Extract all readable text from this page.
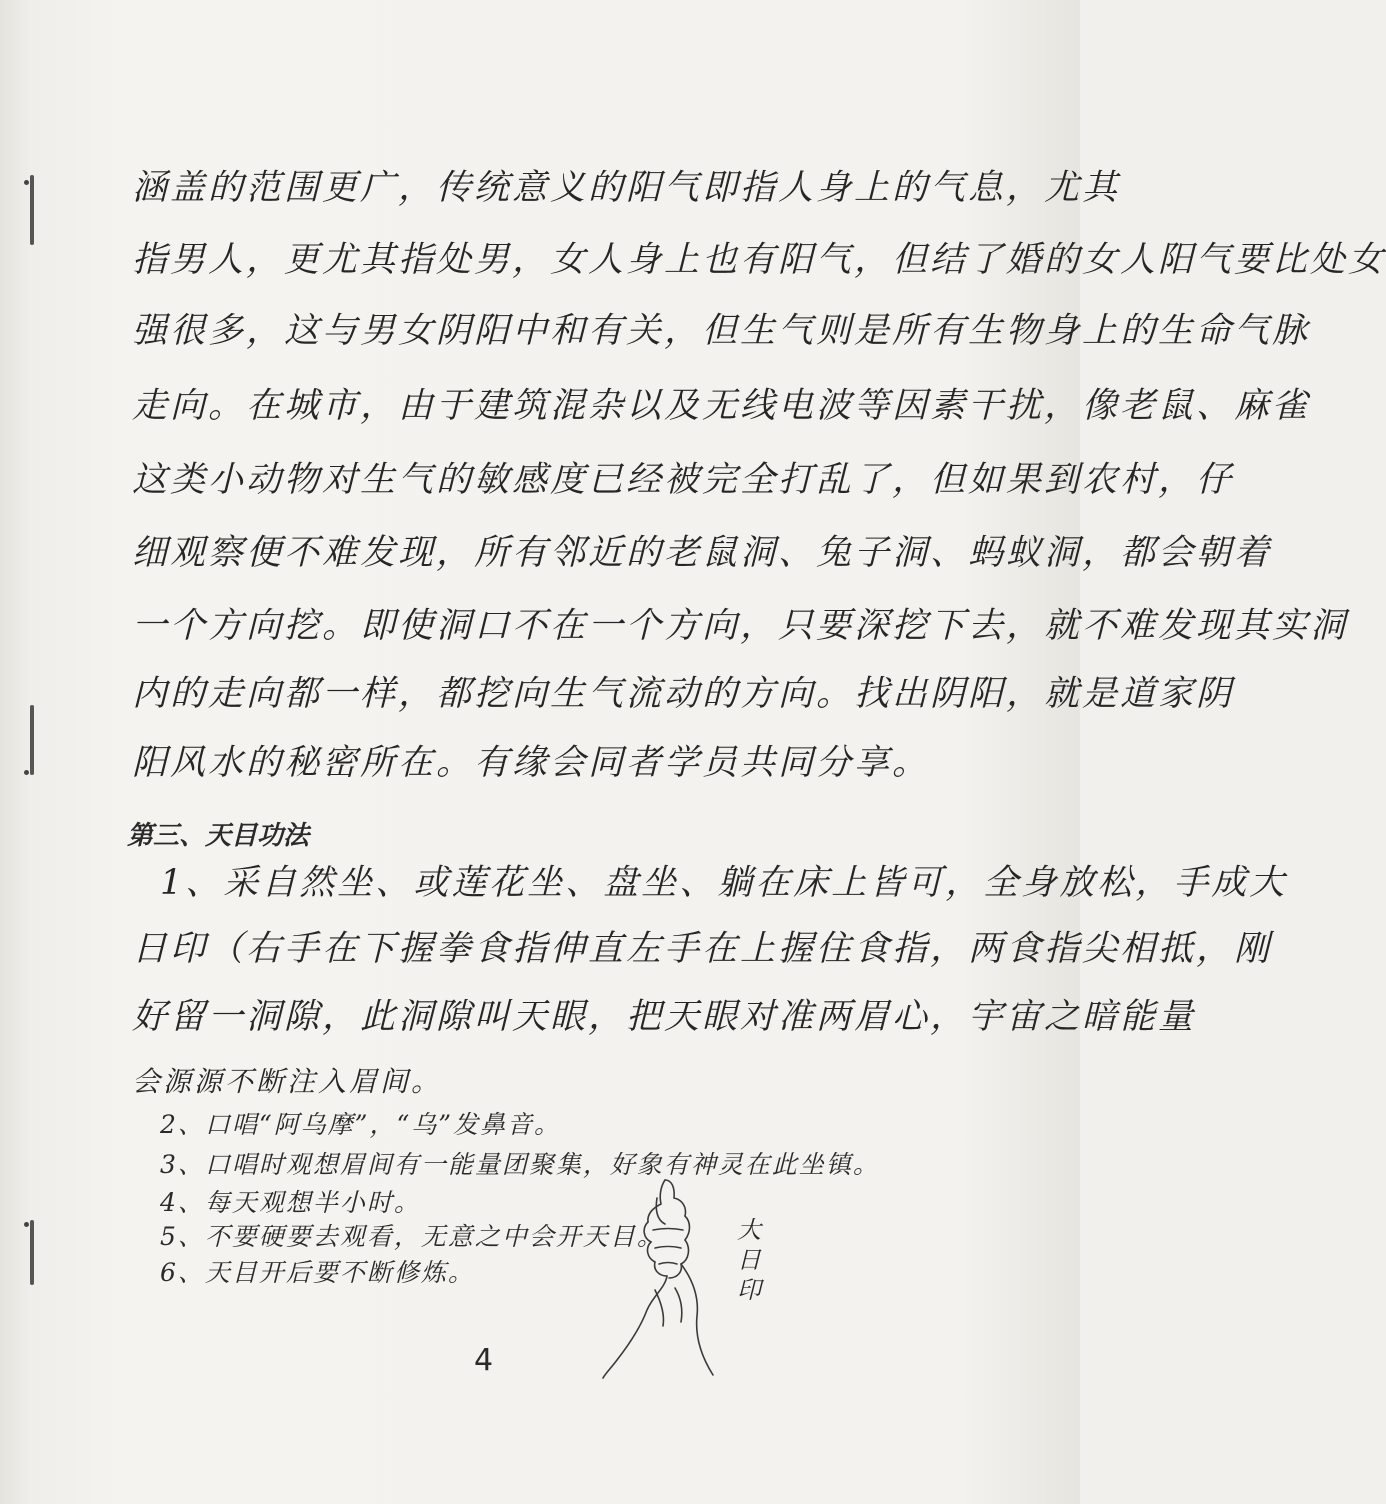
涵盖的范围更广，传统意义的阳气即指人身上的气息，尤其
指男人，更尤其指处男，女人身上也有阳气，但结了婚的女人阳气要比处女
强很多，这与男女阴阳中和有关，但生气则是所有生物身上的生命气脉
走向。在城市，由于建筑混杂以及无线电波等因素干扰，像老鼠、麻雀
这类小动物对生气的敏感度已经被完全打乱了，但如果到农村，仔
细观察便不难发现，所有邻近的老鼠洞、兔子洞、蚂蚁洞，都会朝着
一个方向挖。即使洞口不在一个方向，只要深挖下去，就不难发现其实洞
内的走向都一样，都挖向生气流动的方向。找出阴阳，就是道家阴
阳风水的秘密所在。有缘会同者学员共同分享。
第三、天目功法
1、采自然坐、或莲花坐、盘坐、躺在床上皆可，全身放松，手成大
日印（右手在下握拳食指伸直左手在上握住食指，两食指尖相抵，刚
好留一洞隙，此洞隙叫天眼，把天眼对准两眉心，宇宙之暗能量
会源源不断注入眉间。
2、口唱“阿乌摩”，“乌”发鼻音。
3、口唱时观想眉间有一能量团聚集，好象有神灵在此坐镇。
4、每天观想半小时。
5、不要硬要去观看，无意之中会开天目。
6、天目开后要不断修炼。
大日印
4
